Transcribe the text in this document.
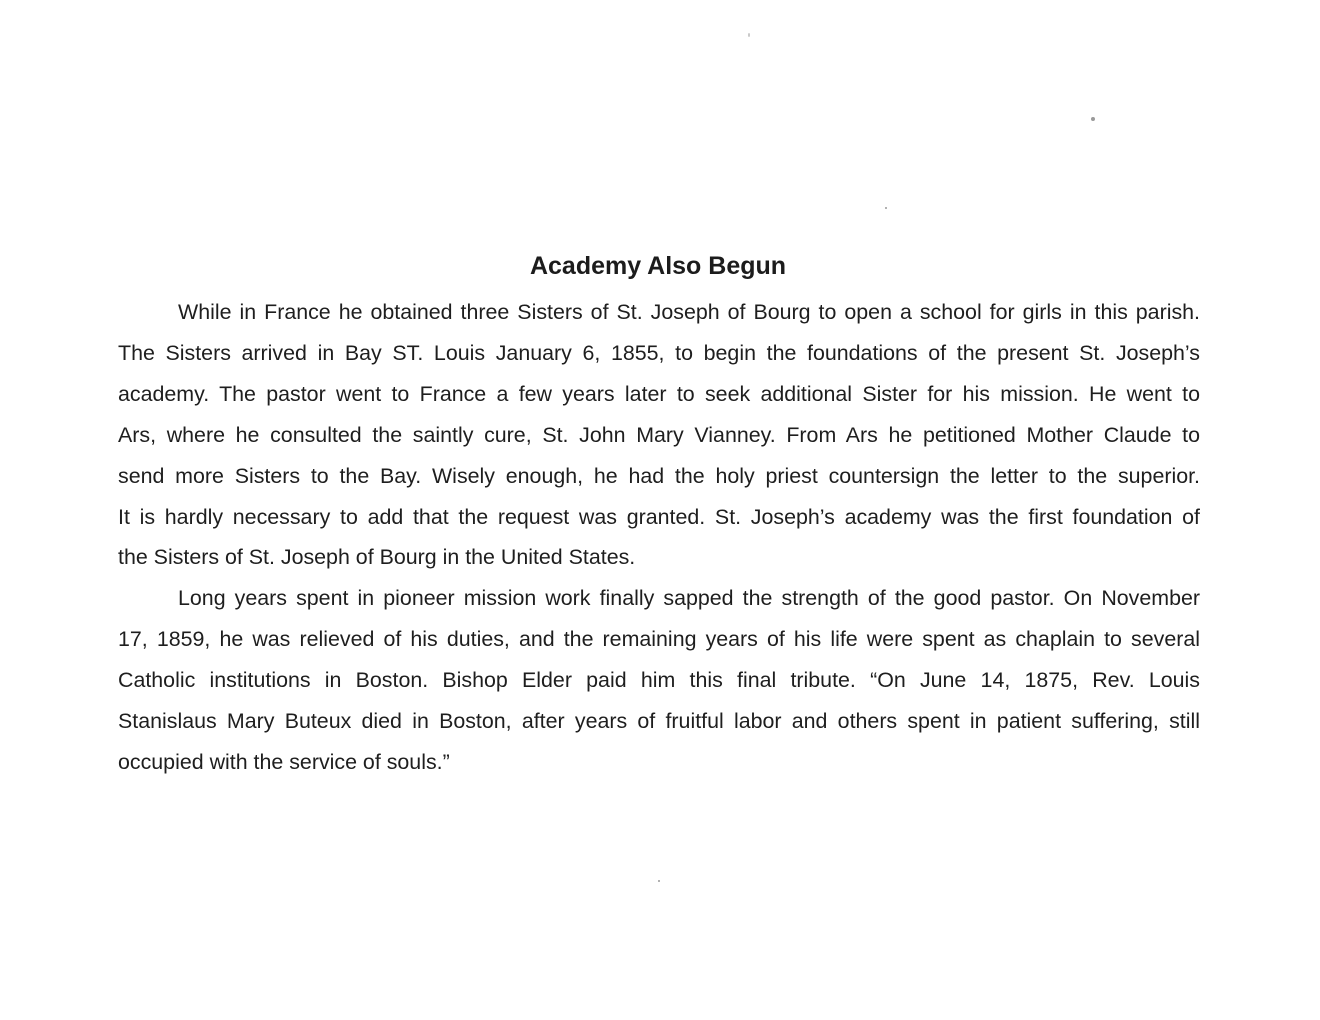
Academy Also Begun

While in France he obtained three Sisters of St. Joseph of Bourg to open a school for girls in this parish.
The Sisters arrived in Bay ST. Louis January 6, 1855, to begin the foundations of the present St. Joseph’s
academy. The pastor went to France a few years later to seek additional Sister for his mission. He went to
Ars, where he consulted the saintly cure, St. John Mary Vianney. From Ars he petitioned Mother Claude to
send more Sisters to the Bay. Wisely enough, he had the holy priest countersign the letter to the superior.
It is hardly necessary to add that the request was granted. St. Joseph’s academy was the first foundation of
the Sisters of St. Joseph of Bourg in the United States.

Long years spent in pioneer mission work finally sapped the strength of the good pastor. On November
17, 1859, he was relieved of his duties, and the remaining years of his life were spent as chaplain to several
Catholic institutions in Boston. Bishop Elder paid him this final tribute. “On June 14, 1875, Rev. Louis
Stanislaus Mary Buteux died in Boston, after years of fruitful labor and others spent in patient suffering, still
occupied with the service of souls.”
